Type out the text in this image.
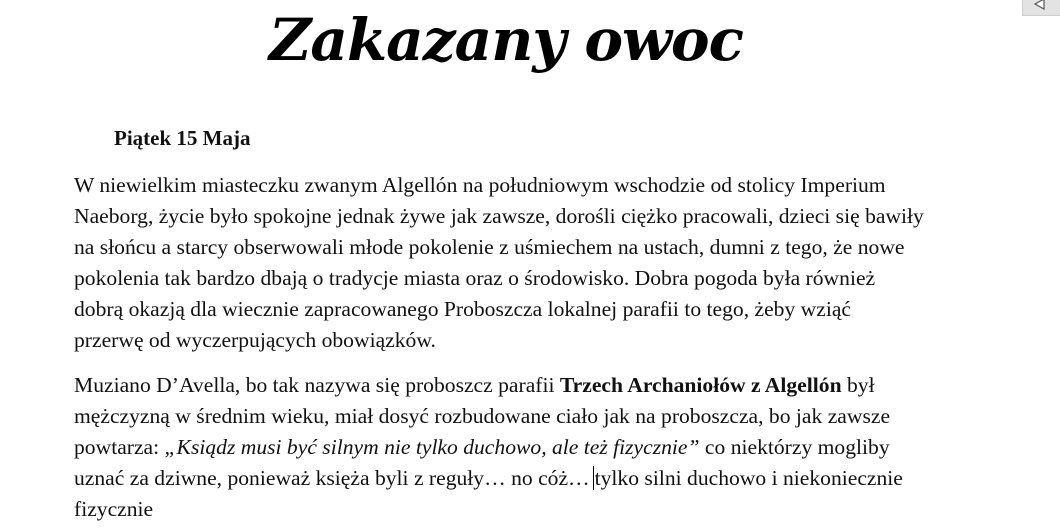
Zakazany owoc

Piątek 15 Maja

W niewielkim miasteczku zwanym Algellón na południowym wschodzie od stolicy Imperium
Naeborg, życie było spokojne jednak żywe jak zawsze, dorośli ciężko pracowali, dzieci się bawiły
na słońcu a starcy obserwowali młode pokolenie z uśmiechem na ustach, dumni z tego, że nowe
pokolenia tak bardzo dbają o tradycje miasta oraz o środowisko. Dobra pogoda była również
dobrą okazją dla wiecznie zapracowanego Proboszcza lokalnej parafii to tego, żeby wziąć
przerwę od wyczerpujących obowiązków.

Muziano D’Avella, bo tak nazywa się proboszcz parafii Trzech Archaniołów z Algellón był
mężczyzną w średnim wieku, miał dosyć rozbudowane ciało jak na proboszcza, bo jak zawsze
powtarza: „Ksiądz musi być silnym nie tylko duchowo, ale też fizycznie” co niektórzy mogliby
uznać za dziwne, ponieważ księża byli z reguły… no cóż… tylko silni duchowo i niekoniecznie
fizycznie
